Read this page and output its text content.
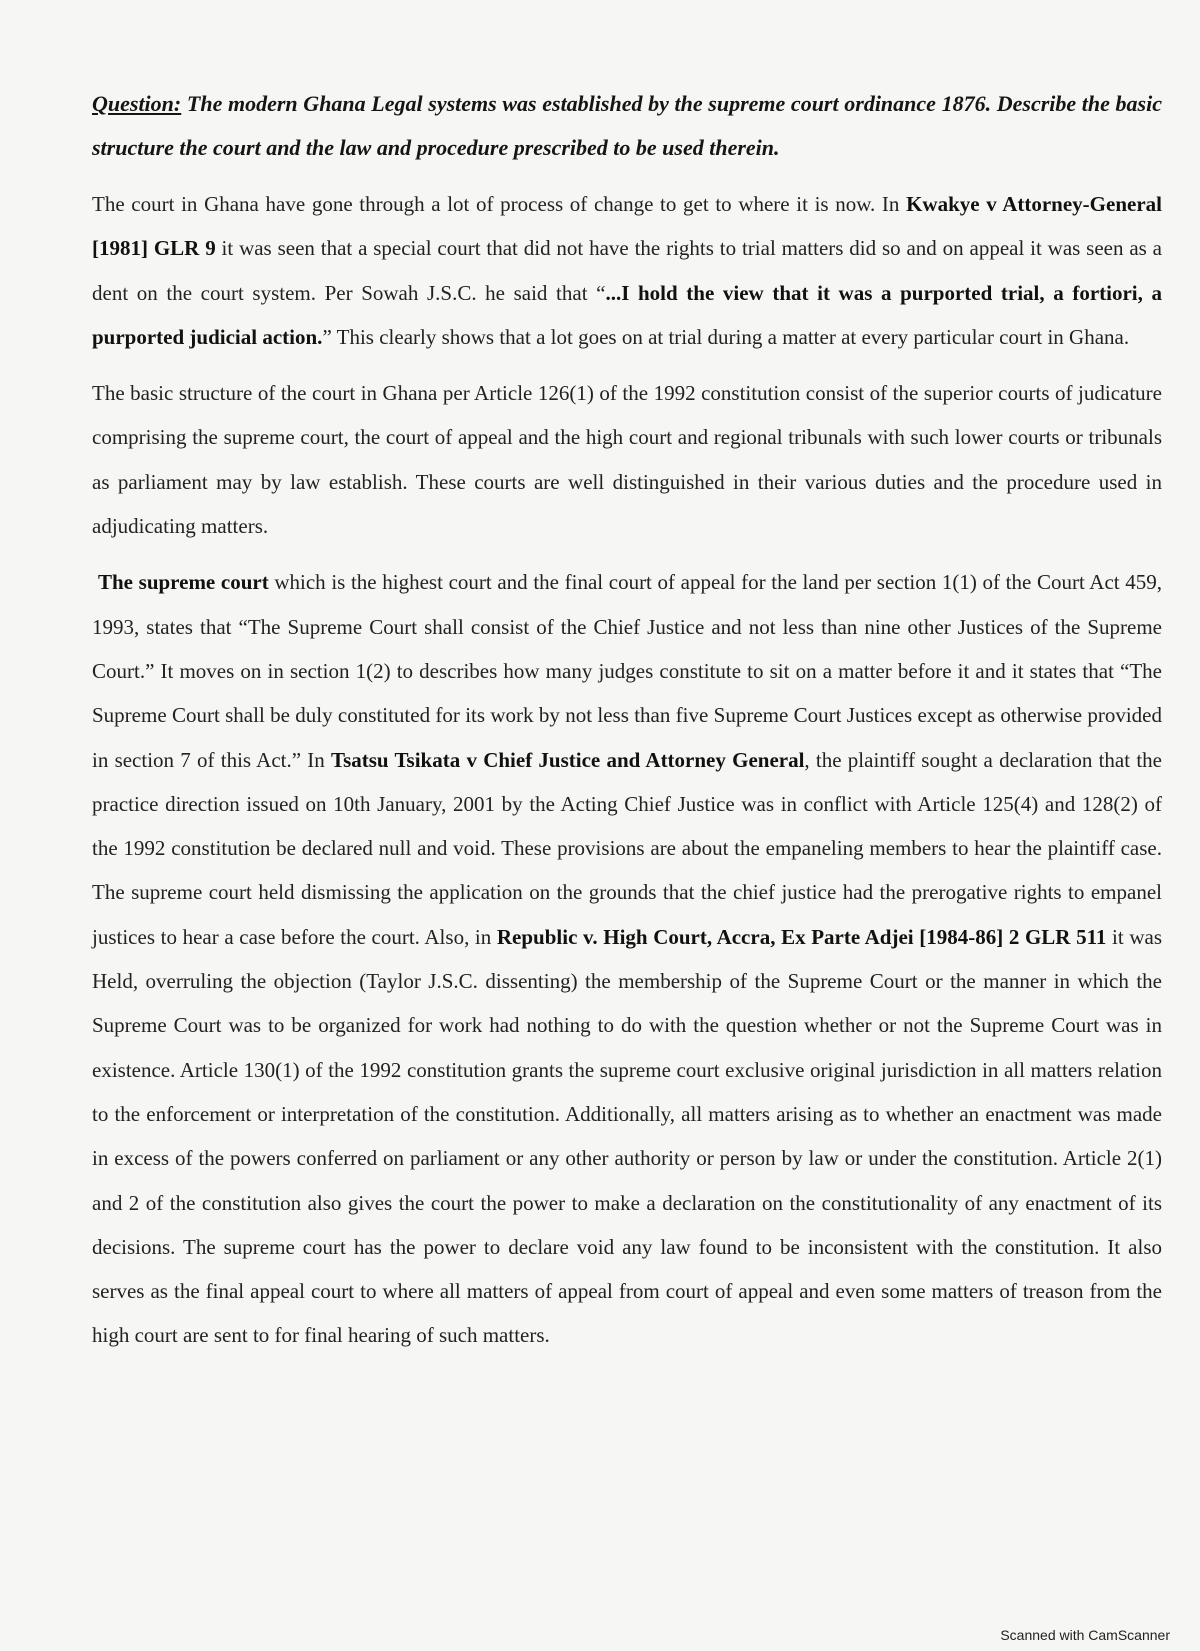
Question: The modern Ghana Legal systems was established by the supreme court ordinance 1876. Describe the basic structure the court and the law and procedure prescribed to be used therein.

The court in Ghana have gone through a lot of process of change to get to where it is now. In Kwakye v Attorney-General [1981] GLR 9 it was seen that a special court that did not have the rights to trial matters did so and on appeal it was seen as a dent on the court system. Per Sowah J.S.C. he said that “...I hold the view that it was a purported trial, a fortiori, a purported judicial action.” This clearly shows that a lot goes on at trial during a matter at every particular court in Ghana.

The basic structure of the court in Ghana per Article 126(1) of the 1992 constitution consist of the superior courts of judicature comprising the supreme court, the court of appeal and the high court and regional tribunals with such lower courts or tribunals as parliament may by law establish. These courts are well distinguished in their various duties and the procedure used in adjudicating matters.

The supreme court which is the highest court and the final court of appeal for the land per section 1(1) of the Court Act 459, 1993, states that “The Supreme Court shall consist of the Chief Justice and not less than nine other Justices of the Supreme Court.” It moves on in section 1(2) to describes how many judges constitute to sit on a matter before it and it states that “The Supreme Court shall be duly constituted for its work by not less than five Supreme Court Justices except as otherwise provided in section 7 of this Act.” In Tsatsu Tsikata v Chief Justice and Attorney General, the plaintiff sought a declaration that the practice direction issued on 10th January, 2001 by the Acting Chief Justice was in conflict with Article 125(4) and 128(2) of the 1992 constitution be declared null and void. These provisions are about the empaneling members to hear the plaintiff case. The supreme court held dismissing the application on the grounds that the chief justice had the prerogative rights to empanel justices to hear a case before the court. Also, in Republic v. High Court, Accra, Ex Parte Adjei [1984-86] 2 GLR 511 it was Held, overruling the objection (Taylor J.S.C. dissenting) the membership of the Supreme Court or the manner in which the Supreme Court was to be organized for work had nothing to do with the question whether or not the Supreme Court was in existence. Article 130(1) of the 1992 constitution grants the supreme court exclusive original jurisdiction in all matters relation to the enforcement or interpretation of the constitution. Additionally, all matters arising as to whether an enactment was made in excess of the powers conferred on parliament or any other authority or person by law or under the constitution. Article 2(1) and 2 of the constitution also gives the court the power to make a declaration on the constitutionality of any enactment of its decisions. The supreme court has the power to declare void any law found to be inconsistent with the constitution. It also serves as the final appeal court to where all matters of appeal from court of appeal and even some matters of treason from the high court are sent to for final hearing of such matters.

Scanned with CamScanner
